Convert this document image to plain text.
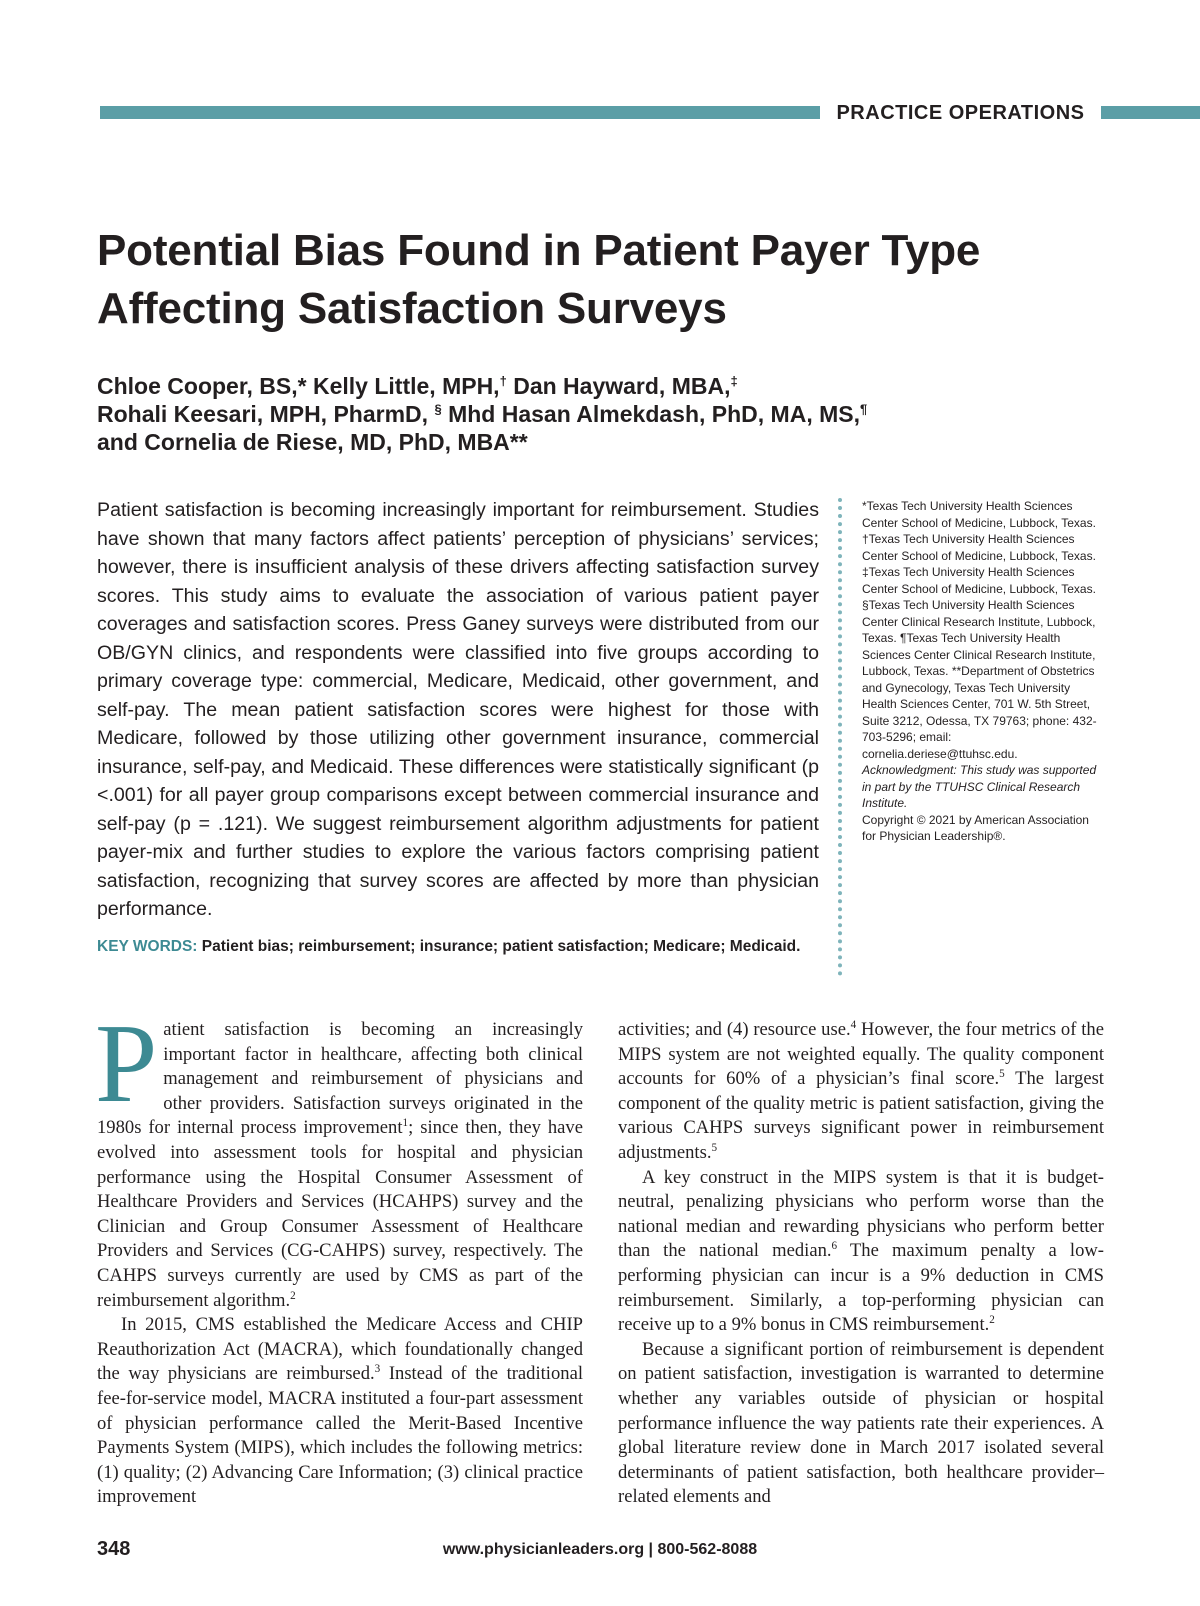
PRACTICE OPERATIONS
Potential Bias Found in Patient Payer Type Affecting Satisfaction Surveys
Chloe Cooper, BS,* Kelly Little, MPH,† Dan Hayward, MBA,‡
Rohali Keesari, MPH, PharmD, § Mhd Hasan Almekdash, PhD, MA, MS,¶
and Cornelia de Riese, MD, PhD, MBA**

Patient satisfaction is becoming increasingly important for reimbursement. Studies have shown that many factors affect patients’ perception of physicians’ services; however, there is insufficient analysis of these drivers affecting satisfaction survey scores. This study aims to evaluate the association of various patient payer coverages and satisfaction scores. Press Ganey surveys were distributed from our OB/GYN clinics, and respondents were classified into five groups according to primary coverage type: commercial, Medicare, Medicaid, other government, and self-pay. The mean patient satisfaction scores were highest for those with Medicare, followed by those utilizing other government insurance, commercial insurance, self-pay, and Medicaid. These differences were statistically significant (p <.001) for all payer group comparisons except between commercial insurance and self-pay (p = .121). We suggest reimbursement algorithm adjustments for patient payer-mix and further studies to explore the various factors comprising patient satisfaction, recognizing that survey scores are affected by more than physician performance.

KEY WORDS: Patient bias; reimbursement; insurance; patient satisfaction; Medicare; Medicaid.

*Texas Tech University Health Sciences Center School of Medicine, Lubbock, Texas. †Texas Tech University Health Sciences Center School of Medicine, Lubbock, Texas. ‡Texas Tech University Health Sciences Center School of Medicine, Lubbock, Texas. §Texas Tech University Health Sciences Center Clinical Research Institute, Lubbock, Texas. ¶Texas Tech University Health Sciences Center Clinical Research Institute, Lubbock, Texas. **Department of Obstetrics and Gynecology, Texas Tech University Health Sciences Center, 701 W. 5th Street, Suite 3212, Odessa, TX 79763; phone: 432-703-5296; email: cornelia.deriese@ttuhsc.edu.

Acknowledgment: This study was supported in part by the TTUHSC Clinical Research Institute.

Copyright © 2021 by American Association for Physician Leadership®.

Patient satisfaction is becoming an increasingly important factor in healthcare, affecting both clinical management and reimbursement of physicians and other providers. Satisfaction surveys originated in the 1980s for internal process improvement$^1$; since then, they have evolved into assessment tools for hospital and physician performance using the Hospital Consumer Assessment of Healthcare Providers and Services (HCAHPS) survey and the Clinician and Group Consumer Assessment of Healthcare Providers and Services (CG-CAHPS) survey, respectively. The CAHPS surveys currently are used by CMS as part of the reimbursement algorithm.$^2$

In 2015, CMS established the Medicare Access and CHIP Reauthorization Act (MACRA), which foundationally changed the way physicians are reimbursed.$^3$ Instead of the traditional fee-for-service model, MACRA instituted a four-part assessment of physician performance called the Merit-Based Incentive Payments System (MIPS), which includes the following metrics: (1) quality; (2) Advancing Care Information; (3) clinical practice improvement

activities; and (4) resource use.$^4$ However, the four metrics of the MIPS system are not weighted equally. The quality component accounts for 60% of a physician’s final score.$^5$ The largest component of the quality metric is patient satisfaction, giving the various CAHPS surveys significant power in reimbursement adjustments.$^5$

A key construct in the MIPS system is that it is budget-neutral, penalizing physicians who perform worse than the national median and rewarding physicians who perform better than the national median.$^6$ The maximum penalty a low-performing physician can incur is a 9% deduction in CMS reimbursement. Similarly, a top-performing physician can receive up to a 9% bonus in CMS reimbursement.$^2$

Because a significant portion of reimbursement is dependent on patient satisfaction, investigation is warranted to determine whether any variables outside of physician or hospital performance influence the way patients rate their experiences. A global literature review done in March 2017 isolated several determinants of patient satisfaction, both healthcare provider–related elements and

348	www.physicianleaders.org | 800-562-8088
